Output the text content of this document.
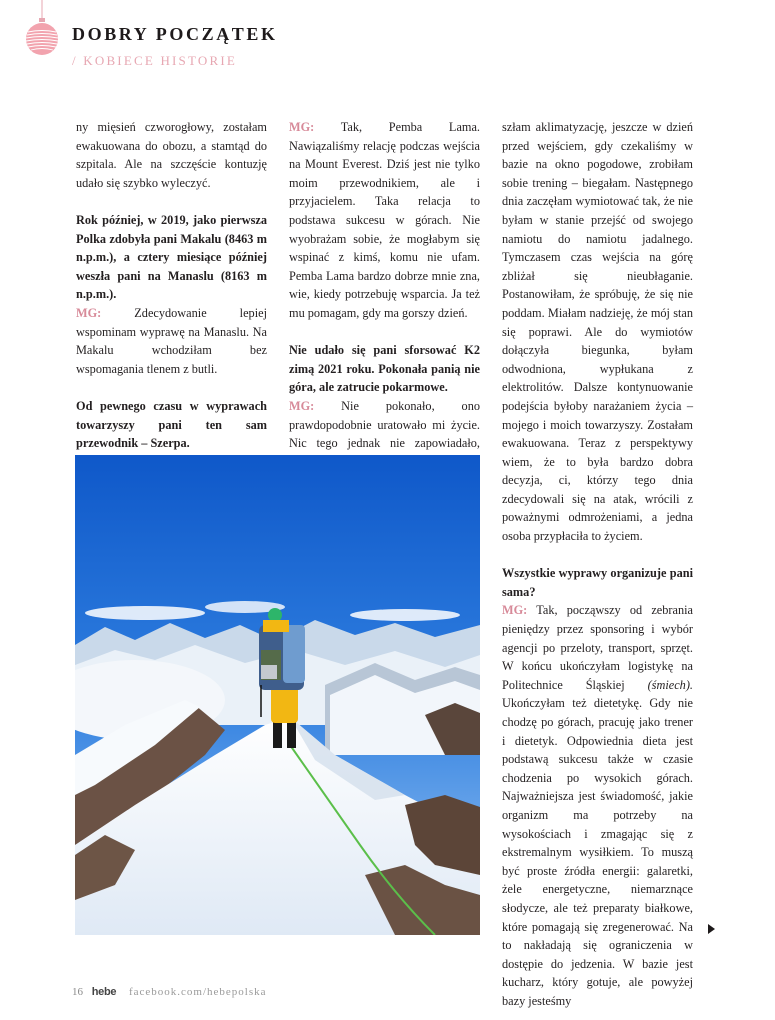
DOBRY POCZĄTEK
/ KOBIECE HISTORIE

ny mięsień czworogłowy, zostałam ewakuowana do obozu, a stamtąd do szpitala. Ale na szczęście kontuzję udało się szybko wyleczyć.

Rok później, w 2019, jako pierwsza Polka zdobyła pani Makalu (8463 m n.p.m.), a cztery miesiące później weszła pani na Manaslu (8163 m n.p.m.).

MG: Zdecydowanie lepiej wspominam wyprawę na Manaslu. Na Makalu wchodziłam bez wspomagania tlenem z butli.

Od pewnego czasu w wyprawach towarzyszy pani ten sam przewodnik – Szerpa.

MG: Tak, Pemba Lama. Nawiązaliśmy relację podczas wejścia na Mount Everest. Dziś jest nie tylko moim przewodnikiem, ale i przyjacielem. Taka relacja to podstawa sukcesu w górach. Nie wyobrażam sobie, że mogłabym się wspinać z kimś, komu nie ufam. Pemba Lama bardzo dobrze mnie zna, wie, kiedy potrzebuję wsparcia. Ja też mu pomagam, gdy ma gorszy dzień.

Nie udało się pani sforsować K2 zimą 2021 roku. Pokonała panią nie góra, ale zatrucie pokarmowe.

MG: Nie pokonało, ono prawdopodobnie uratowało mi życie. Nic tego jednak nie zapowiadało,

szłam aklimatyzację, jeszcze w dzień przed wejściem, gdy czekaliśmy w bazie na okno pogodowe, zrobiłam sobie trening – biegałam. Następnego dnia zaczęłam wymiotować tak, że nie byłam w stanie przejść od swojego namiotu do namiotu jadalnego. Tymczasem czas wejścia na górę zbliżał się nieubłaganie. Postanowiłam, że spróbuję, że się nie poddam. Miałam nadzieję, że mój stan się poprawi. Ale do wymiotów dołączyła biegunka, byłam odwodniona, wypłukana z elektrolitów. Dalsze kontynuowanie podejścia byłoby narażaniem życia – mojego i moich towarzyszy. Zostałam ewakuowana. Teraz z perspektywy wiem, że to była bardzo dobra decyzja, ci, którzy tego dnia zdecydowali się na atak, wrócili z poważnymi odmrożeniami, a jedna osoba przypłaciła to życiem.

Wszystkie wyprawy organizuje pani sama?

MG: Tak, począwszy od zebrania pieniędzy przez sponsoring i wybór agencji po przeloty, transport, sprzęt. W końcu ukończyłam logistykę na Politechnice Śląskiej (śmiech). Ukończyłam też dietetykę. Gdy nie chodzę po górach, pracuję jako trener i dietetyk. Odpowiednia dieta jest podstawą sukcesu także w czasie chodzenia po wysokich górach. Najważniejsza jest świadomość, jakie organizm ma potrzeby na wysokościach i zmagając się z ekstremalnym wysiłkiem. To muszą być proste źródła energii: galaretki, żele energetyczne, niemarznące słodycze, ale też preparaty białkowe, które pomagają się zregenerować. Na to nakładają się ograniczenia w dostępie do jedzenia. W bazie jest kucharz, który gotuje, ale powyżej bazy jesteśmy

16 hebe facebook.com/hebepolska
